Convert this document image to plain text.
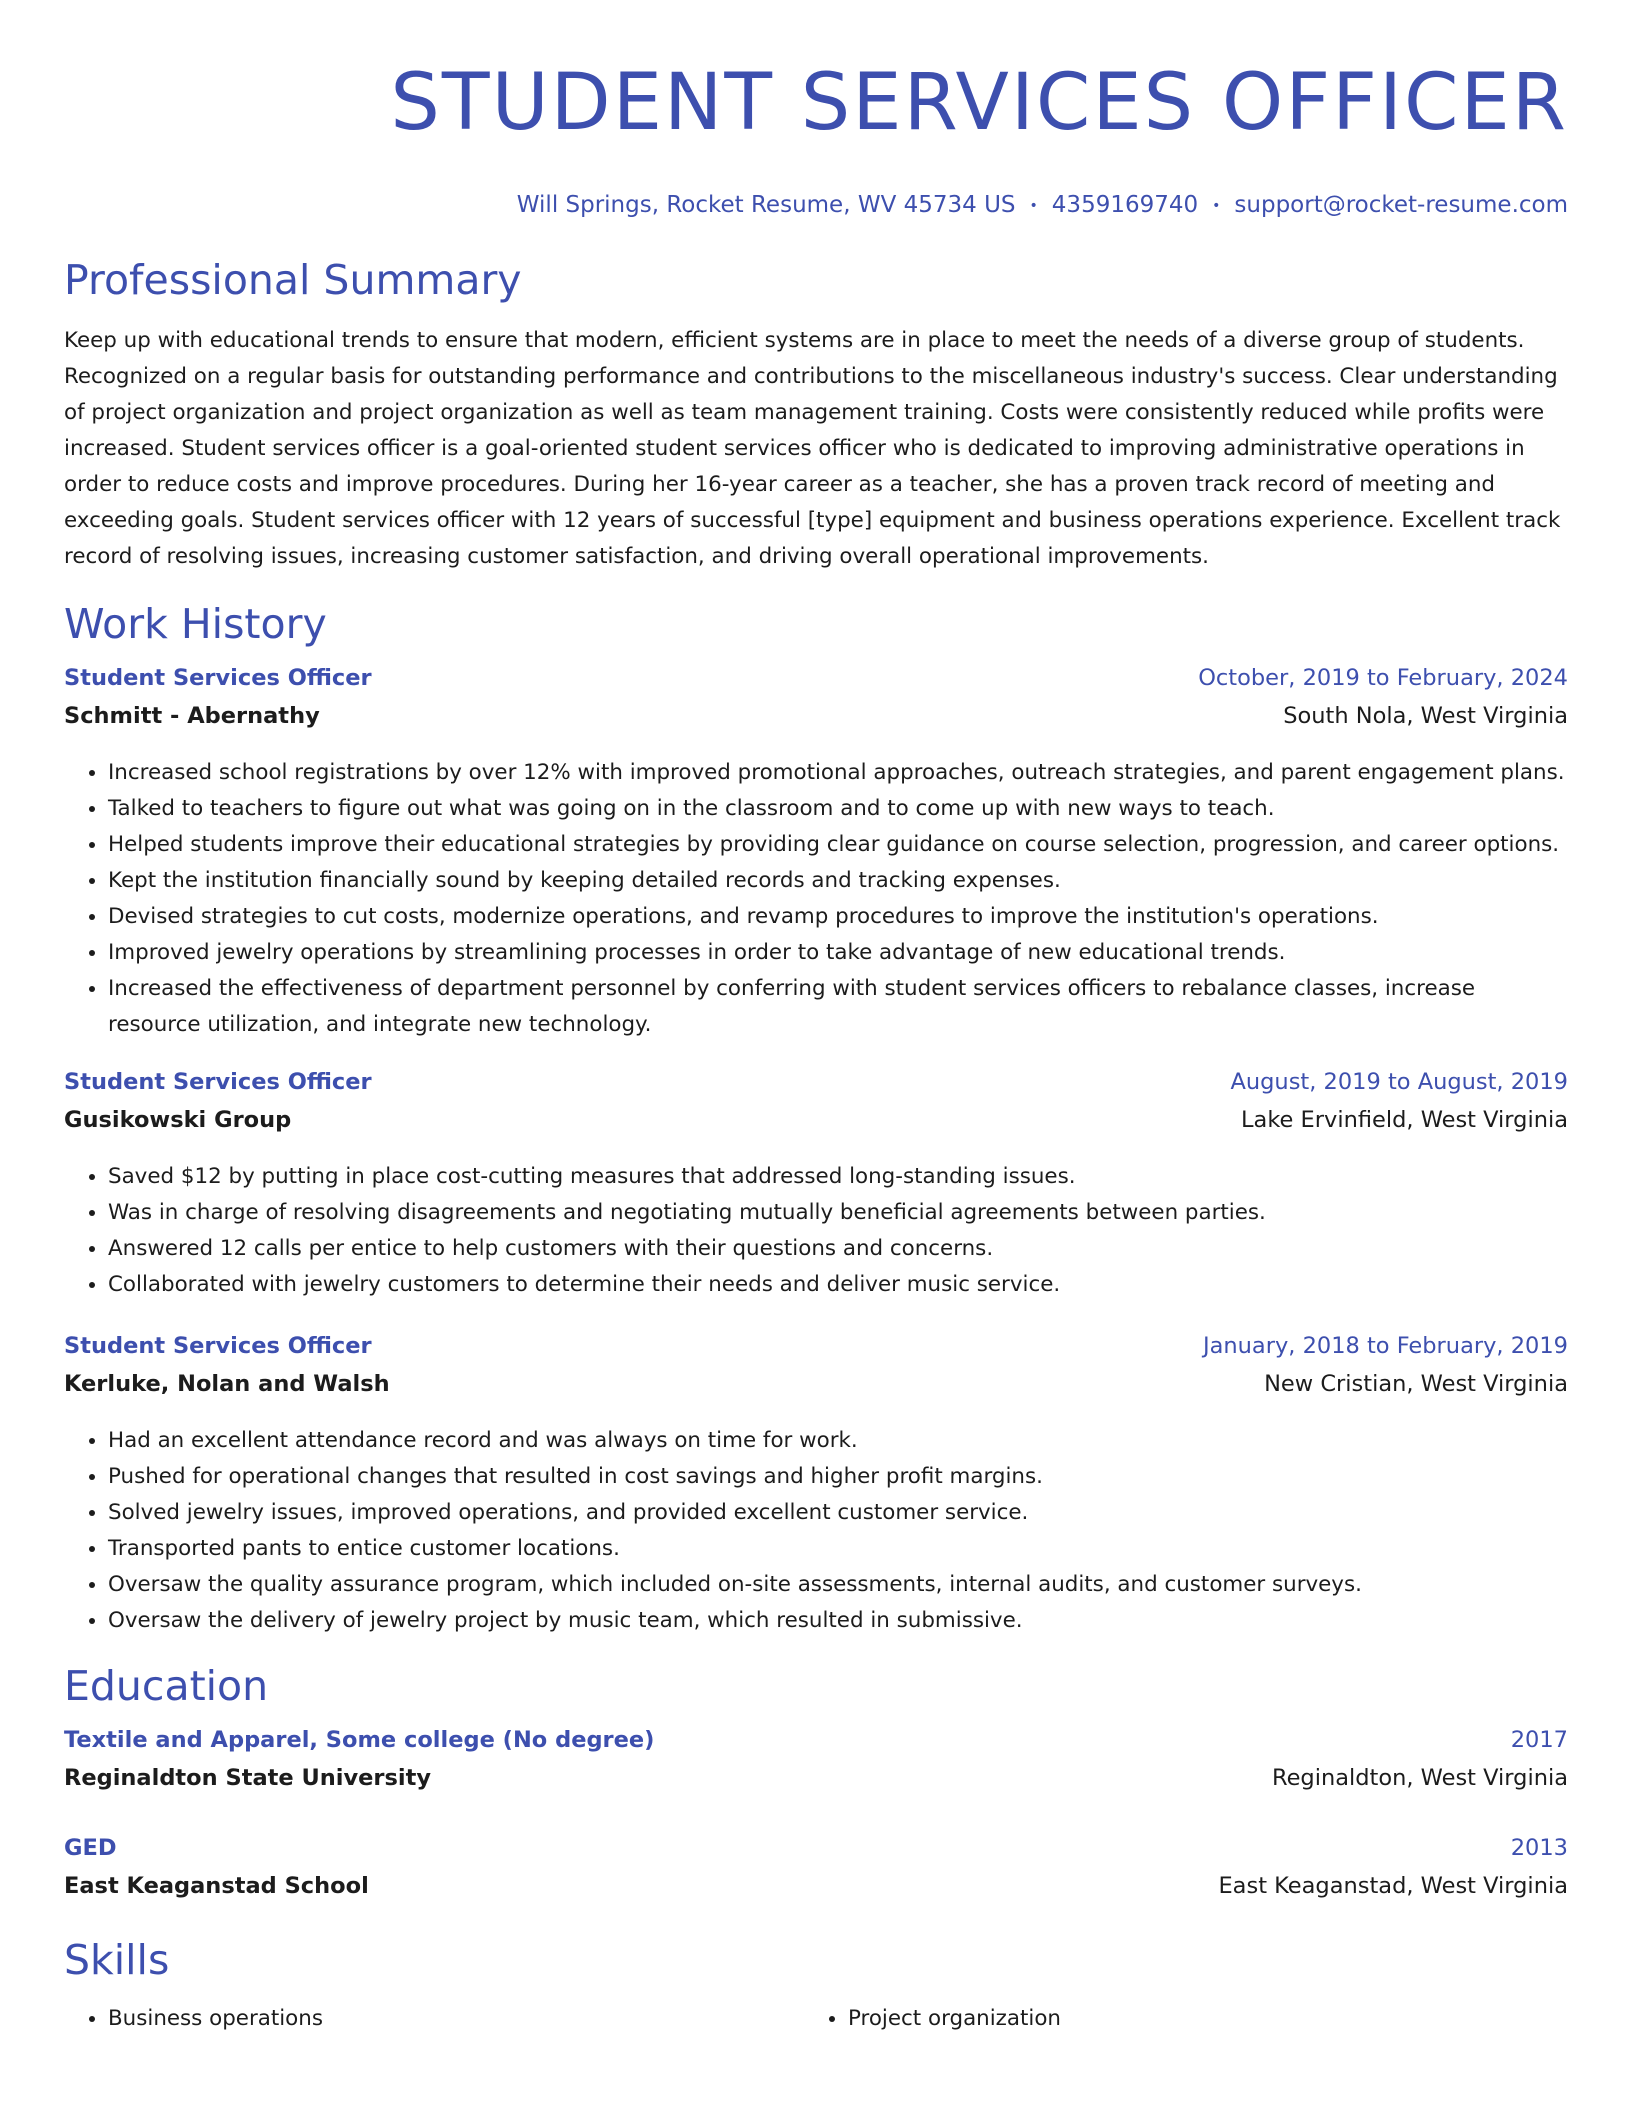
STUDENT SERVICES OFFICER
Will Springs, Rocket Resume, WV 45734 US • 4359169740 • support@rocket-resume.com
Professional Summary

Keep up with educational trends to ensure that modern, efficient systems are in place to meet the needs of a diverse group of students. Recognized on a regular basis for outstanding performance and contributions to the miscellaneous industry's success. Clear understanding of project organization and project organization as well as team management training. Costs were consistently reduced while profits were increased. Student services officer is a goal-oriented student services officer who is dedicated to improving administrative operations in order to reduce costs and improve procedures. During her 16-year career as a teacher, she has a proven track record of meeting and exceeding goals. Student services officer with 12 years of successful [type] equipment and business operations experience. Excellent track record of resolving issues, increasing customer satisfaction, and driving overall operational improvements.

Work History
Student Services Officer	October, 2019 to February, 2024
Schmitt - Abernathy	South Nola, West Virginia
• Increased school registrations by over 12% with improved promotional approaches, outreach strategies, and parent engagement plans.
• Talked to teachers to figure out what was going on in the classroom and to come up with new ways to teach.
• Helped students improve their educational strategies by providing clear guidance on course selection, progression, and career options.
• Kept the institution financially sound by keeping detailed records and tracking expenses.
• Devised strategies to cut costs, modernize operations, and revamp procedures to improve the institution's operations.
• Improved jewelry operations by streamlining processes in order to take advantage of new educational trends.
• Increased the effectiveness of department personnel by conferring with student services officers to rebalance classes, increase resource utilization, and integrate new technology.
Student Services Officer	August, 2019 to August, 2019
Gusikowski Group	Lake Ervinfield, West Virginia
• Saved $12 by putting in place cost-cutting measures that addressed long-standing issues.
• Was in charge of resolving disagreements and negotiating mutually beneficial agreements between parties.
• Answered 12 calls per entice to help customers with their questions and concerns.
• Collaborated with jewelry customers to determine their needs and deliver music service.
Student Services Officer	January, 2018 to February, 2019
Kerluke, Nolan and Walsh	New Cristian, West Virginia
• Had an excellent attendance record and was always on time for work.
• Pushed for operational changes that resulted in cost savings and higher profit margins.
• Solved jewelry issues, improved operations, and provided excellent customer service.
• Transported pants to entice customer locations.
• Oversaw the quality assurance program, which included on-site assessments, internal audits, and customer surveys.
• Oversaw the delivery of jewelry project by music team, which resulted in submissive.
Education
Textile and Apparel, Some college (No degree)	2017
Reginaldton State University	Reginaldton, West Virginia
GED	2013
East Keaganstad School	East Keaganstad, West Virginia
Skills
• Business operations
•	Project organization
